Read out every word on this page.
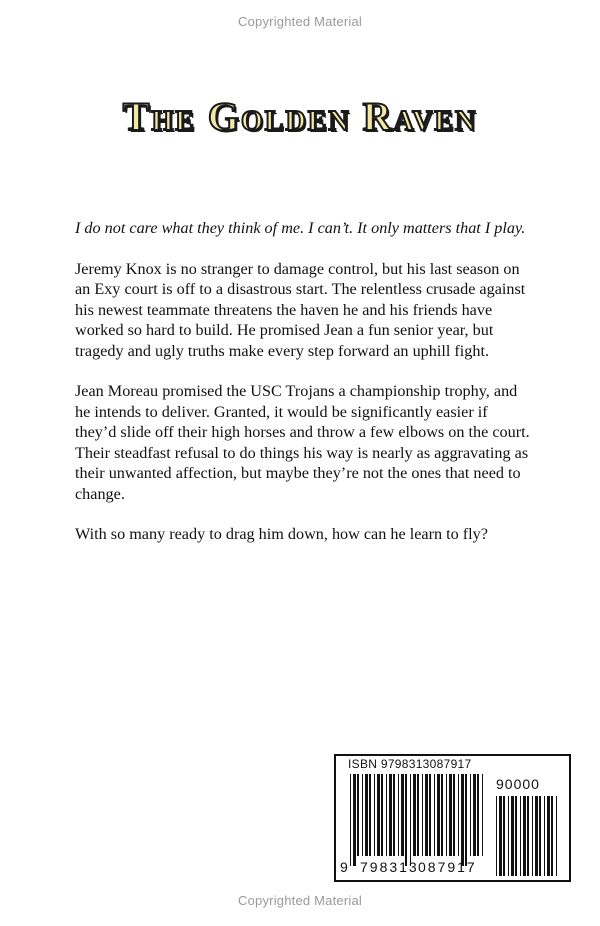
Copyrighted Material
The Golden Raven

I do not care what they think of me. I can’t. It only matters that I play.

Jeremy Knox is no stranger to damage control, but his last season on an Exy court is off to a disastrous start. The relentless crusade against his newest teammate threatens the haven he and his friends have worked so hard to build. He promised Jean a fun senior year, but tragedy and ugly truths make every step forward an uphill fight.

Jean Moreau promised the USC Trojans a championship trophy, and he intends to deliver. Granted, it would be significantly easier if they’d slide off their high horses and throw a few elbows on the court. Their steadfast refusal to do things his way is nearly as aggravating as their unwanted affection, but maybe they’re not the ones that need to change.

With so many ready to drag him down, how can he learn to fly?

ISBN 9798313087917
90000
9 798313 087917
Copyrighted Material
